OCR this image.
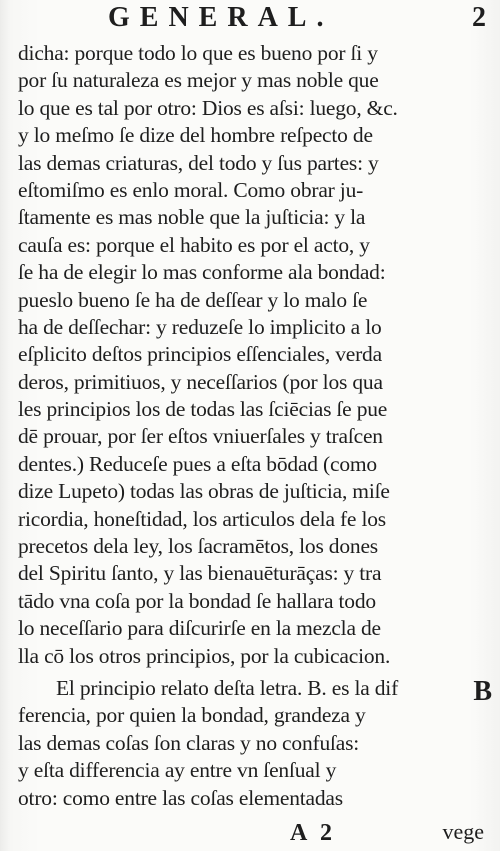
GENERAL.	2
dicha: porque todo lo que es bueno por ſi y
por ſu naturaleza es mejor y mas noble que
lo que es tal por otro: Dios es aſsi: luego, &c.
y lo meſmo ſe dize del hombre reſpecto de
las demas criaturas, del todo y ſus partes: y
eſtomiſmo es enlo moral. Como obrar ju-
ſtamente es mas noble que la juſticia: y la
cauſa es: porque el habito es por el acto, y
ſe ha de elegir lo mas conforme ala bondad:
pueslo bueno ſe ha de deſſear y lo malo ſe
ha de deſſechar: y reduzeſe lo implicito a lo
eſplicito deſtos principios eſſenciales, verda
deros, primitiuos, y neceſſarios (por los qua
les principios los de todas las ſciēcias ſe pue
dē prouar, por ſer eſtos vniuerſales y traſcen
dentes.) Reduceſe pues a eſta bōdad (como
dize Lupeto) todas las obras de juſticia, miſe
ricordia, honeſtidad, los articulos dela fe los
precetos dela ley, los ſacramētos, los dones
del Spiritu ſanto, y las bienauēturāças: y tra
tādo vna coſa por la bondad ſe hallara todo
lo neceſſario para diſcurirſe en la mezcla de
lla cō los otros principios, por la cubicacion.
El principio relato deſta letra. B. es la dif
ferencia, por quien la bondad, grandeza y
las demas coſas ſon claras y no confuſas:
y eſta differencia ay entre vn ſenſual y
otro: como entre las coſas elementadas
B
A 2	vege
